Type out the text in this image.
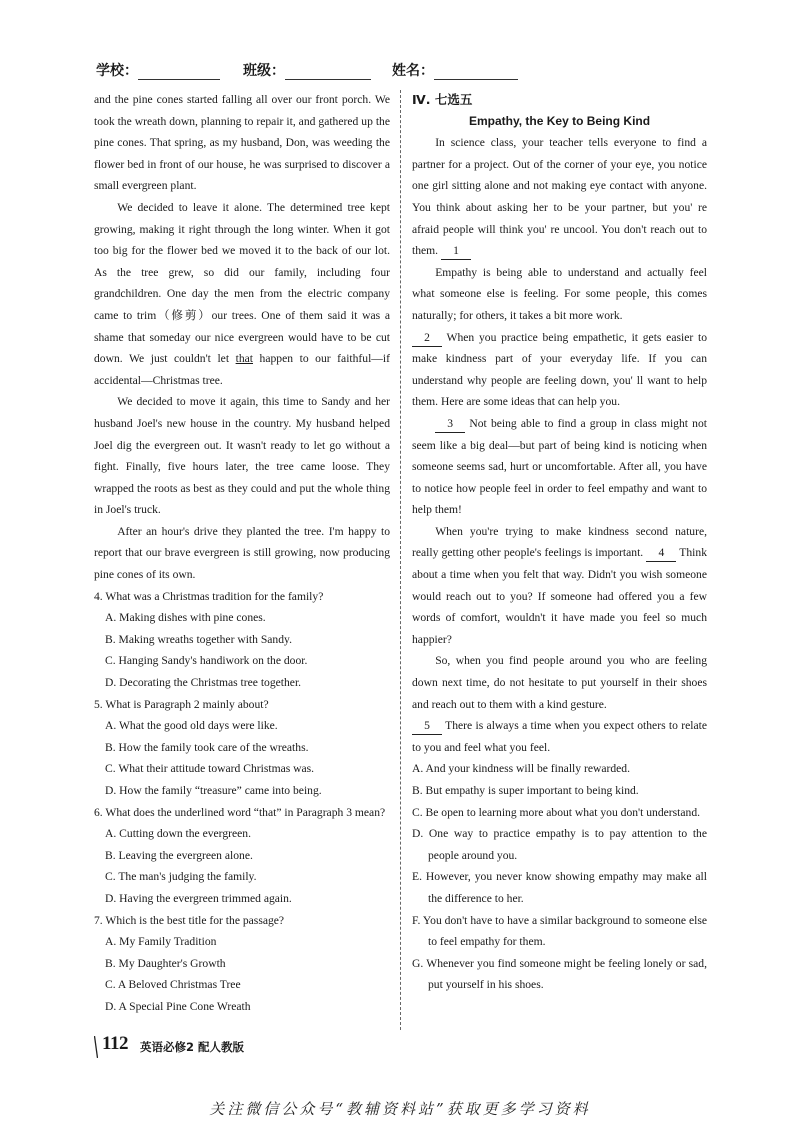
学校：	班级：	姓名：

and the pine cones started falling all over our front porch. We took the wreath down, planning to repair it, and gathered up the pine cones. That spring, as my husband, Don, was weeding the flower bed in front of our house, he was surprised to discover a small evergreen plant.

We decided to leave it alone. The determined tree kept growing, making it right through the long winter. When it got too big for the flower bed we moved it to the back of our lot. As the tree grew, so did our family, including four grandchildren. One day the men from the electric company came to trim（修剪）our trees. One of them said it was a shame that someday our nice evergreen would have to be cut down. We just couldn't let that happen to our faithful—if accidental—Christmas tree.

We decided to move it again, this time to Sandy and her husband Joel's new house in the country. My husband helped Joel dig the evergreen out. It wasn't ready to let go without a fight. Finally, five hours later, the tree came loose. They wrapped the roots as best as they could and put the whole thing in Joel's truck.

After an hour's drive they planted the tree. I'm happy to report that our brave evergreen is still growing, now producing pine cones of its own.

4. What was a Christmas tradition for the family?

A. Making dishes with pine cones.

B. Making wreaths together with Sandy.

C. Hanging Sandy's handiwork on the door.

D. Decorating the Christmas tree together.

5. What is Paragraph 2 mainly about?

A. What the good old days were like.

B. How the family took care of the wreaths.

C. What their attitude toward Christmas was.

D. How the family “treasure” came into being.

6. What does the underlined word “that” in Paragraph 3 mean?

A. Cutting down the evergreen.

B. Leaving the evergreen alone.

C. The man's judging the family.

D. Having the evergreen trimmed again.

7. Which is the best title for the passage?

A. My Family Tradition

B. My Daughter's Growth

C. A Beloved Christmas Tree

D. A Special Pine Cone Wreath

Ⅳ. 七选五

Empathy, the Key to Being Kind

In science class, your teacher tells everyone to find a partner for a project. Out of the corner of your eye, you notice one girl sitting alone and not making eye contact with anyone. You think about asking her to be your partner, but you' re afraid people will think you' re uncool. You don't reach out to them. 1

Empathy is being able to understand and actually feel what someone else is feeling. For some people, this comes naturally; for others, it takes a bit more work.

2 When you practice being empathetic, it gets easier to make kindness part of your everyday life. If you can understand why people are feeling down, you' ll want to help them. Here are some ideas that can help you.

3 Not being able to find a group in class might not seem like a big deal—but part of being kind is noticing when someone seems sad, hurt or uncomfortable. After all, you have to notice how people feel in order to feel empathy and want to help them!

When you're trying to make kindness second nature, really getting other people's feelings is important. 4 Think about a time when you felt that way. Didn't you wish someone would reach out to you? If someone had offered you a few words of comfort, wouldn't it have made you feel so much happier?

So, when you find people around you who are feeling down next time, do not hesitate to put yourself in their shoes and reach out to them with a kind gesture.

5 There is always a time when you expect others to relate to you and feel what you feel.

A. And your kindness will be finally rewarded.

B. But empathy is super important to being kind.

C. Be open to learning more about what you don't understand.

D. One way to practice empathy is to pay attention to the people around you.

E. However, you never know showing empathy may make all the difference to her.

F. You don't have to have a similar background to someone else to feel empathy for them.

G. Whenever you find someone might be feeling lonely or sad, put yourself in his shoes.

112 英语必修2 配人教版
关注微信公众号“教辅资料站”获取更多学习资料
